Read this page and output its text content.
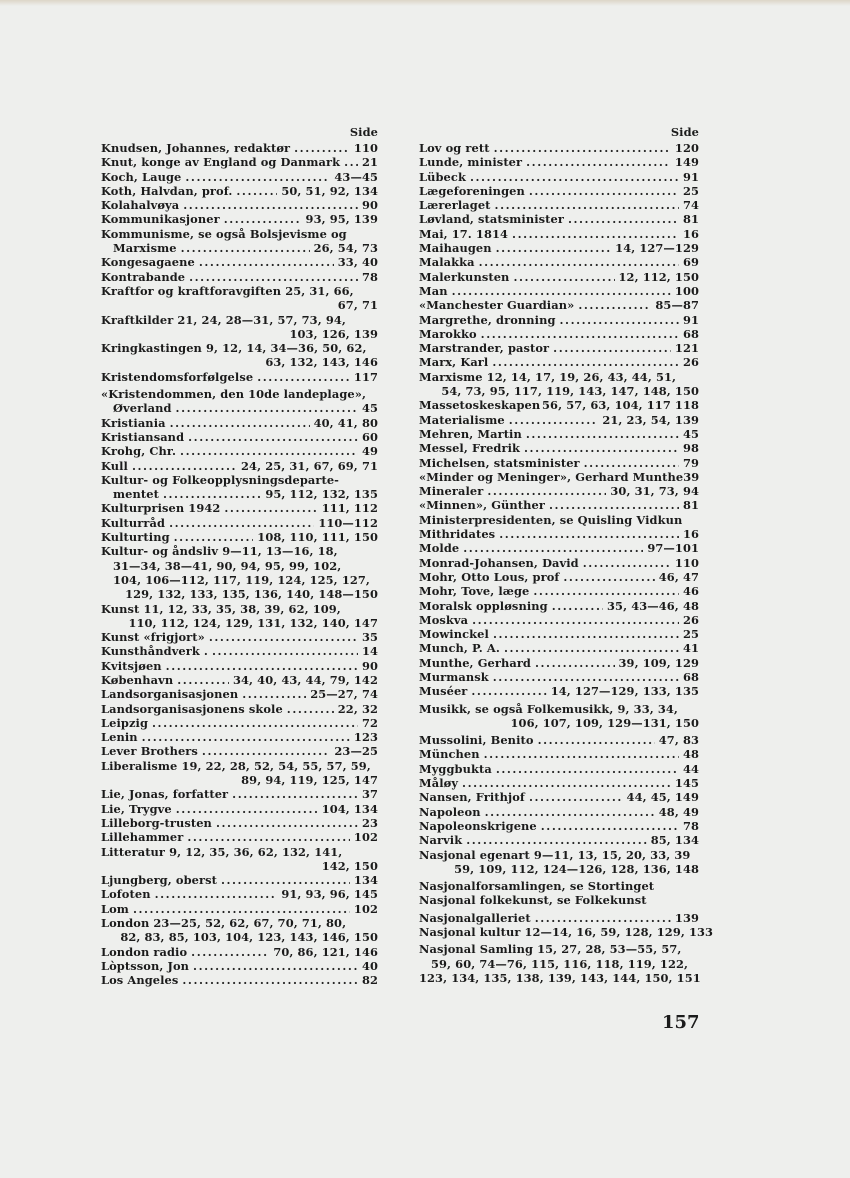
Side
Knudsen, Johannes, redaktør . . .	110
Knut, konge av England og Danmark . . . 21
Koch, Lauge . . .	43—45
Koth, Halvdan, prof. . . .	50, 51, 92, 134
Kolahalvøya . . .	90
Kommunikasjoner . . .	93, 95, 139
Kommunisme, se også Bolsjevisme og
Marxisme . . .	26, 54, 73
Kongesagaene . . .	33, 40
Kontrabande . . .	78
Kraftfor og kraftforavgiften 25, 31, 66,
67, 71
Kraftkilder 21, 24, 28—31, 57, 73, 94,
103, 126, 139
Kringkastingen 9, 12, 14, 34—36, 50, 62,
63, 132, 143, 146
Kristendomsforfølgelse . . .	117
«Kristendommen, den 10de landeplage»,
Øverland . . .	45
Kristiania . . .	40, 41, 80
Kristiansand . . .	60
Krohg, Chr. . . .	49
Kull . . .	24, 25, 31, 67, 69, 71
Kultur- og Folkeopplysningsdeparte-
mentet . . .	95, 112, 132, 135
Kulturprisen 1942 . . .	111, 112
Kulturråd . . .	110—112
Kulturting . . .	108, 110, 111, 150
Kultur- og åndsliv 9—11, 13—16, 18,
31—34, 38—41, 90, 94, 95, 99, 102,
104, 106—112, 117, 119, 124, 125, 127,
129, 132, 133, 135, 136, 140, 148—150
Kunst 11, 12, 33, 35, 38, 39, 62, 109,
110, 112, 124, 129, 131, 132, 140, 147
Kunst «frigjort» . . .	35
Kunsthåndverk . . . .	14
Kvitsjøen . . .	90
København . . .	34, 40, 43, 44, 79, 142
Landsorganisasjonen . . .	25—27, 74
Landsorganisasjonens skole . . .	22, 32
Leipzig . . .	72
Lenin . . .	123
Lever Brothers . . .	23—25
Liberalisme 19, 22, 28, 52, 54, 55, 57, 59,
89, 94, 119, 125, 147
Lie, Jonas, forfatter . . .	37
Lie, Trygve . . .	104, 134
Lilleborg-trusten . . .	23
Lillehammer . . .	102
Litteratur 9, 12, 35, 36, 62, 132, 141,
142, 150
Ljungberg, oberst . . .	134
Lofoten . . .	91, 93, 96, 145
Lom . . .	102
London 23—25, 52, 62, 67, 70, 71, 80,
82, 83, 85, 103, 104, 123, 143, 146, 150
London radio . . .	70, 86, 121, 146
Lòptsson, Jon . . .	40
Los Angeles . . .	82
Side
Lov og rett . . .	120
Lunde, minister . . .	149
Lübeck . . .	91
Lægeforeningen . . .	25
Lærerlaget . . .	74
Løvland, statsminister . . .	81
Mai, 17. 1814 . . .	16
Maihaugen . . .	14, 127—129
Malakka . . .	69
Malerkunsten . . .	12, 112, 150
Man . . .	100
«Manchester Guardian» . . .	85—87
Margrethe, dronning . . .	91
Marokko . . .	68
Marstrander, pastor . . .	121
Marx, Karl . . .	26
Marxisme 12, 14, 17, 19, 26, 43, 44, 51,
54, 73, 95, 117, 119, 143, 147, 148, 150
Massetoskeskapen 56, 57, 63, 104, 117 118
Materialisme . . .	21, 23, 54, 139
Mehren, Martin . . .	45
Messel, Fredrik . . .	98
Michelsen, statsminister . . .	79
«Minder og Meninger», Gerhard Munthe 39
Mineraler . . .	30, 31, 73, 94
«Minnen», Günther . . .	81
Ministerpresidenten, se Quisling Vidkun
Mithridates . . .	16
Molde . . .	97—101
Monrad-Johansen, David . . .	110
Mohr, Otto Lous, prof . . .	46, 47
Mohr, Tove, læge . . .	46
Moralsk oppløsning . . .	35, 43—46, 48
Moskva . . .	26
Mowinckel . . .	25
Munch, P. A. . . .	41
Munthe, Gerhard . . .	39, 109, 129
Murmansk . . .	68
Muséer . . .	14, 127—129, 133, 135
Musikk, se også Folkemusikk, 9, 33, 34,
106, 107, 109, 129—131, 150
Mussolini, Benito . . .	47, 83
München . . .	48
Myggbukta . . .	44
Måløy . . .	145
Nansen, Frithjof . . .	44, 45, 149
Napoleon . . .	48, 49
Napoleonskrigene . . .	78
Narvik . . .	85, 134
Nasjonal egenart 9—11, 13, 15, 20, 33, 39
59, 109, 112, 124—126, 128, 136, 148
Nasjonalforsamlingen, se Stortinget
Nasjonal folkekunst, se Folkekunst
Nasjonalgalleriet . . .	139
Nasjonal kultur 12—14, 16, 59, 128, 129, 133
Nasjonal Samling 15, 27, 28, 53—55, 57,
59, 60, 74—76, 115, 116, 118, 119, 122,
123, 134, 135, 138, 139, 143, 144, 150, 151
157
